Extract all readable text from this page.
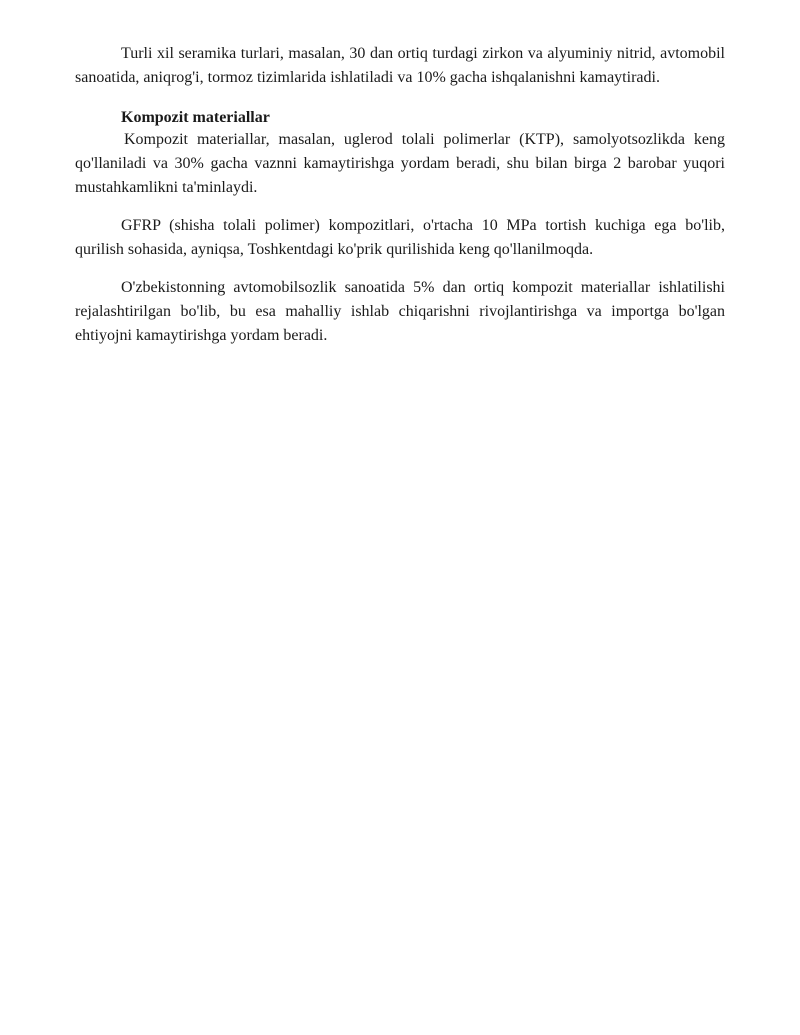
Turli xil seramika turlari, masalan, 30 dan ortiq turdagi zirkon va alyuminiy nitrid, avtomobil sanoatida, aniqrog'i, tormoz tizimlarida ishlatiladi va 10% gacha ishqalanishni kamaytiradi.

Kompozit materiallar

Kompozit materiallar, masalan, uglerod tolali polimerlar (KTP), samolyotsozlikda keng qo'llaniladi va 30% gacha vaznni kamaytirishga yordam beradi, shu bilan birga 2 barobar yuqori mustahkamlikni ta'minlaydi.

GFRP (shisha tolali polimer) kompozitlari, o'rtacha 10 MPa tortish kuchiga ega bo'lib, qurilish sohasida, ayniqsa, Toshkentdagi ko'prik qurilishida keng qo'llanilmoqda.

O'zbekistonning avtomobilsozlik sanoatida 5% dan ortiq kompozit materiallar ishlatilishi rejalashtirilgan bo'lib, bu esa mahalliy ishlab chiqarishni rivojlantirishga va importga bo'lgan ehtiyojni kamaytirishga yordam beradi.
